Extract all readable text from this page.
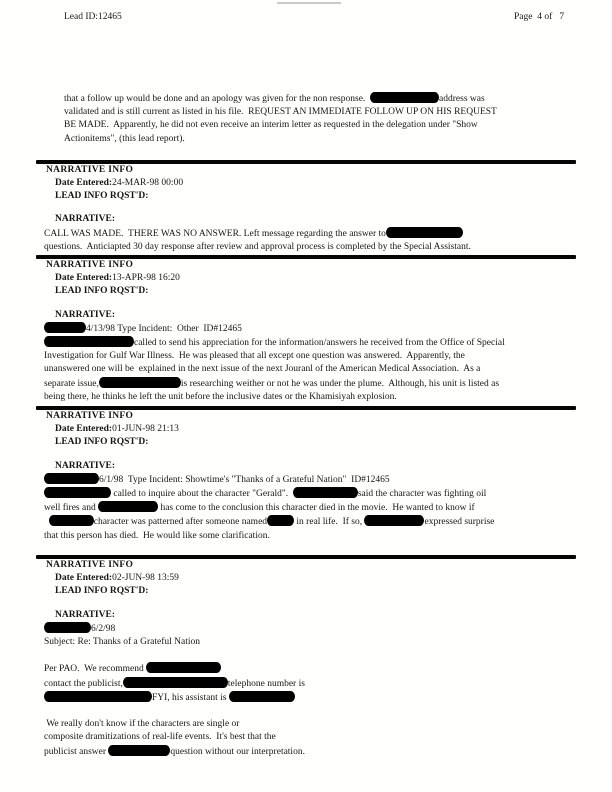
Lead ID:12465	Page  4 of   7
that a follow up would be done and an apology was given for the non response.	address was
validated and is still current as listed in his file.  REQUEST AN IMMEDIATE FOLLOW UP ON HIS REQUEST
BE MADE.  Apparently, he did not even receive an interim letter as requested in the delegation under "Show
Actionitems", (this lead report).
NARRATIVE INFO
Date Entered:24-MAR-98 00:00
LEAD INFO RQST'D:
NARRATIVE:
CALL WAS MADE.  THERE WAS NO ANSWER. Left message regarding the answer to
questions.  Anticiapted 30 day response after review and approval process is completed by the Special Assistant.
NARRATIVE INFO
Date Entered:13-APR-98 16:20
LEAD INFO RQST'D:
NARRATIVE:
4/13/98 Type Incident:  Other  ID#12465
called to send his appreciation for the information/answers he received from the Office of Special
Investigation for Gulf War Illness.  He was pleased that all except one question was answered.  Apparently, the
unanswered one will be  explained in the next issue of the next Jouranl of the American Medical Association.  As a
separate issue,	is researching weither or not he was under the plume.  Although, his unit is listed as
being there, he thinks he left the unit before the inclusive dates or the Khamisiyah explosion.
NARRATIVE INFO
Date Entered:01-JUN-98 21:13
LEAD INFO RQST'D:
NARRATIVE:
6/1/98  Type Incident: Showtime's "Thanks of a Grateful Nation"  ID#12465
called to inquire about the character "Gerald".	said the character was fighting oil
well fires and	has come to the conclusion this character died in the movie.  He wanted to know if
character was patterned after someone named	in real life.  If so,	expressed surprise
that this person has died.  He would like some clarification.
NARRATIVE INFO
Date Entered:02-JUN-98 13:59
LEAD INFO RQST'D:
NARRATIVE:
6/2/98
Subject: Re: Thanks of a Grateful Nation

Per PAO.  We recommend
contact the publicist,	telephone number is
FYI, his assistant is

We really don't know if the characters are single or
composite dramitizations of real-life events.  It's best that the
publicist answer	question without our interpretation.
